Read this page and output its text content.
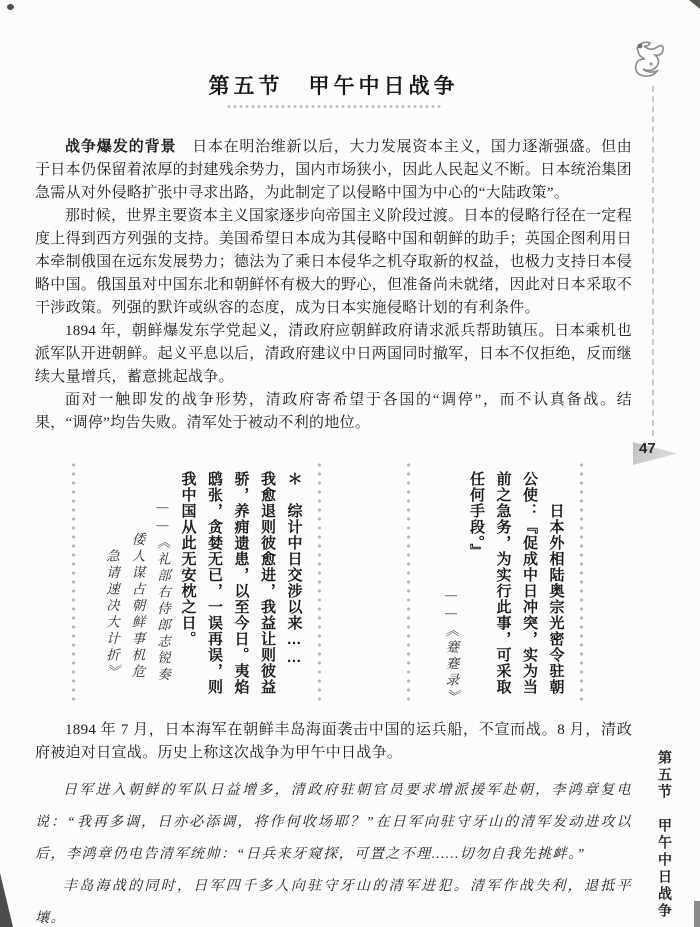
47
第五节　甲午中日战争
第五节　甲午中日战争

战争爆发的背景　日本在明治维新以后，大力发展资本主义，国力逐渐强盛。但由于日本仍保留着浓厚的封建残余势力，国内市场狭小，因此人民起义不断。日本统治集团急需从对外侵略扩张中寻求出路，为此制定了以侵略中国为中心的“大陆政策”。

那时候，世界主要资本主义国家逐步向帝国主义阶段过渡。日本的侵略行径在一定程度上得到西方列强的支持。美国希望日本成为其侵略中国和朝鲜的助手；英国企图利用日本牵制俄国在远东发展势力；德法为了乘日本侵华之机夺取新的权益，也极力支持日本侵略中国。俄国虽对中国东北和朝鲜怀有极大的野心，但准备尚未就绪，因此对日本采取不干涉政策。列强的默许或纵容的态度，成为日本实施侵略计划的有利条件。

1894 年，朝鲜爆发东学党起义，清政府应朝鲜政府请求派兵帮助镇压。日本乘机也派军队开进朝鲜。起义平息以后，清政府建议中日两国同时撤军，日本不仅拒绝，反而继续大量增兵，蓄意挑起战争。

面对一触即发的战争形势，清政府寄希望于各国的“调停”，而不认真备战。结果，“调停”均告失败。清军处于被动不利的地位。

＊　综计中日交涉以来……
我愈退则彼愈进，我益让则彼益
骄，养痈遗患，以至今日。夷焰
鸱张，贪婪无已，一误再误，则
我中国从此无安枕之日。
——《礼部右侍郎志锐奏
　　倭人谋占朝鲜事机危
　　　急请速决大计折》	　　日本外相陆奥宗光密令驻朝
公使：『促成中日冲突，实为当
前之急务，为实行此事，可采取
任何手段。』
——《蹇蹇录》

1894 年 7 月，日本海军在朝鲜丰岛海面袭击中国的运兵船，不宣而战。8 月，清政府被迫对日宣战。历史上称这次战争为甲午中日战争。

日军进入朝鲜的军队日益增多，清政府驻朝官员要求增派援军赴朝，李鸿章复电说：“我再多调，日亦必添调，将作何收场耶？”在日军向驻守牙山的清军发动进攻以后，李鸿章仍电告清军统帅：“日兵来牙窥探，可置之不理……切勿自我先挑衅。”

丰岛海战的同时，日军四千多人向驻守牙山的清军进犯。清军作战失利，退抵平壤。
